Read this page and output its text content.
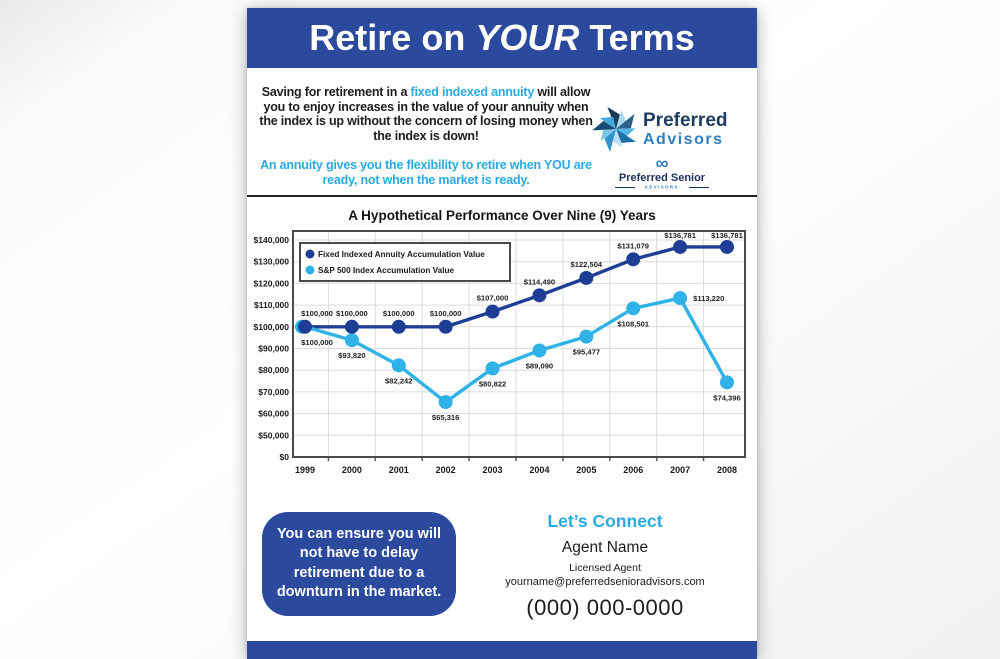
Retire on YOUR Terms

Saving for retirement in a fixed indexed annuity will allow you to enjoy increases in the value of your annuity when the index is up without the concern of losing money when the index is down!

An annuity gives you the flexibility to retire when YOU are ready, not when the market is ready.

Preferred
Advisors
∞
Preferred Senior
ADVISORS
A Hypothetical Performance Over Nine (9) Years
$140,000
$130,000
$120,000
$110,000
$100,000
$90,000
$80,000
$70,000
$60,000
$50,000
$0
1999	2000	2001	2002	2003	2004	2005	2006	2007	2008
$100,000 $100,000 $100,000 $100,000
$107,000
$114,490
$122,504
$131,079
$136,781 $136,781
$100,000
$93,820
$82,242
$65,316
$80,822
$89,090
$95,477
$108,501
$113,220
$74,396
Fixed Indexed Annuity Accumulation Value
S&P 500 Index Accumulation Value
You can ensure you will not have to delay retirement due to a downturn in the market.
Let’s Connect
Agent Name
Licensed Agent
yourname@preferredsenioradvisors.com
(000) 000-0000
